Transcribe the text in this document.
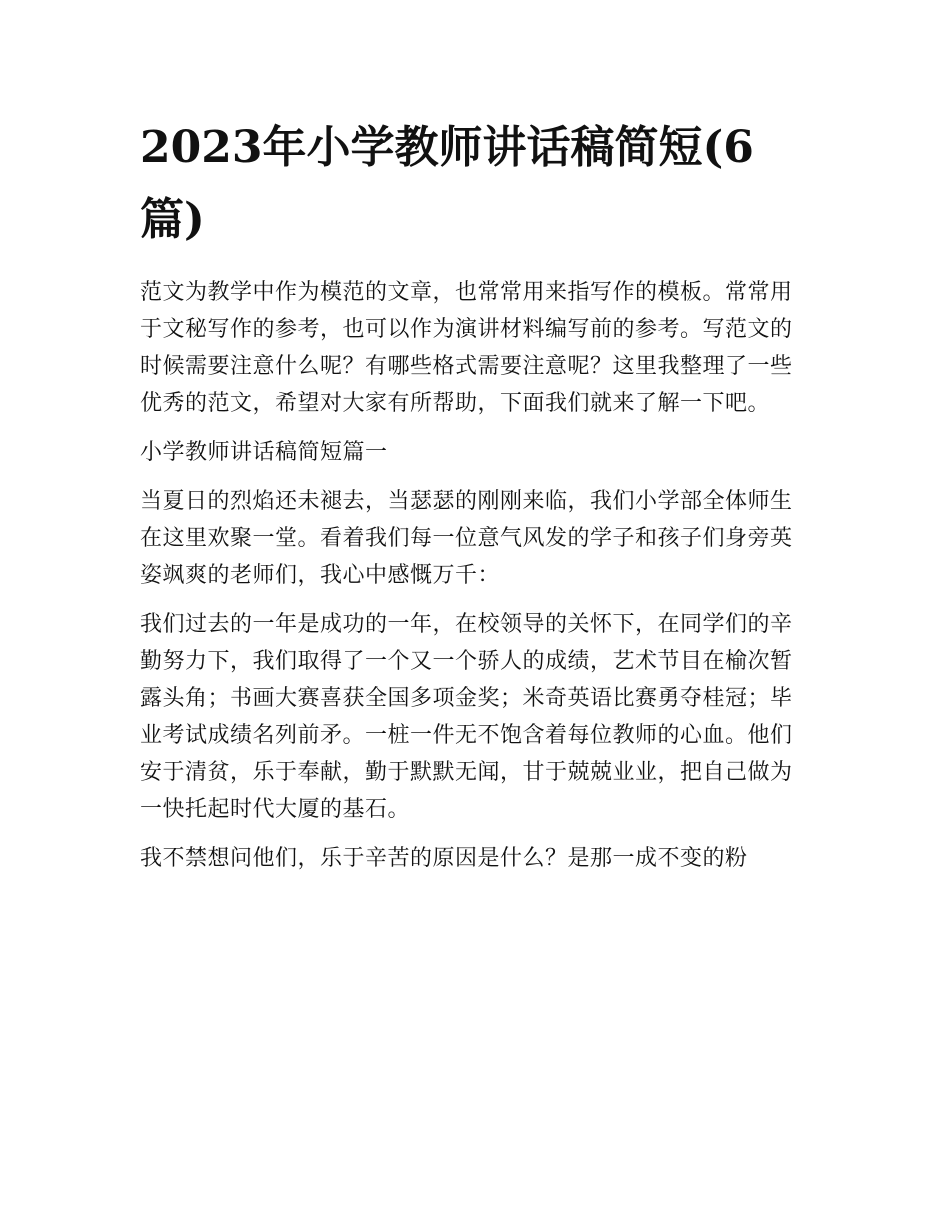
2023年小学教师讲话稿简短(6篇)

范文为教学中作为模范的文章，也常常用来指写作的模板。常常用于文秘写作的参考，也可以作为演讲材料编写前的参考。写范文的时候需要注意什么呢？有哪些格式需要注意呢？这里我整理了一些优秀的范文，希望对大家有所帮助，下面我们就来了解一下吧。

小学教师讲话稿简短篇一

当夏日的烈焰还未褪去，当瑟瑟的刚刚来临，我们小学部全体师生在这里欢聚一堂。看着我们每一位意气风发的学子和孩子们身旁英姿飒爽的老师们，我心中感慨万千：

我们过去的一年是成功的一年，在校领导的关怀下，在同学们的辛勤努力下，我们取得了一个又一个骄人的成绩，艺术节目在榆次暂露头角；书画大赛喜获全国多项金奖；米奇英语比赛勇夺桂冠；毕业考试成绩名列前矛。一桩一件无不饱含着每位教师的心血。他们安于清贫，乐于奉献，勤于默默无闻，甘于兢兢业业，把自己做为一快托起时代大厦的基石。

我不禁想问他们，乐于辛苦的原因是什么？是那一成不变的粉
